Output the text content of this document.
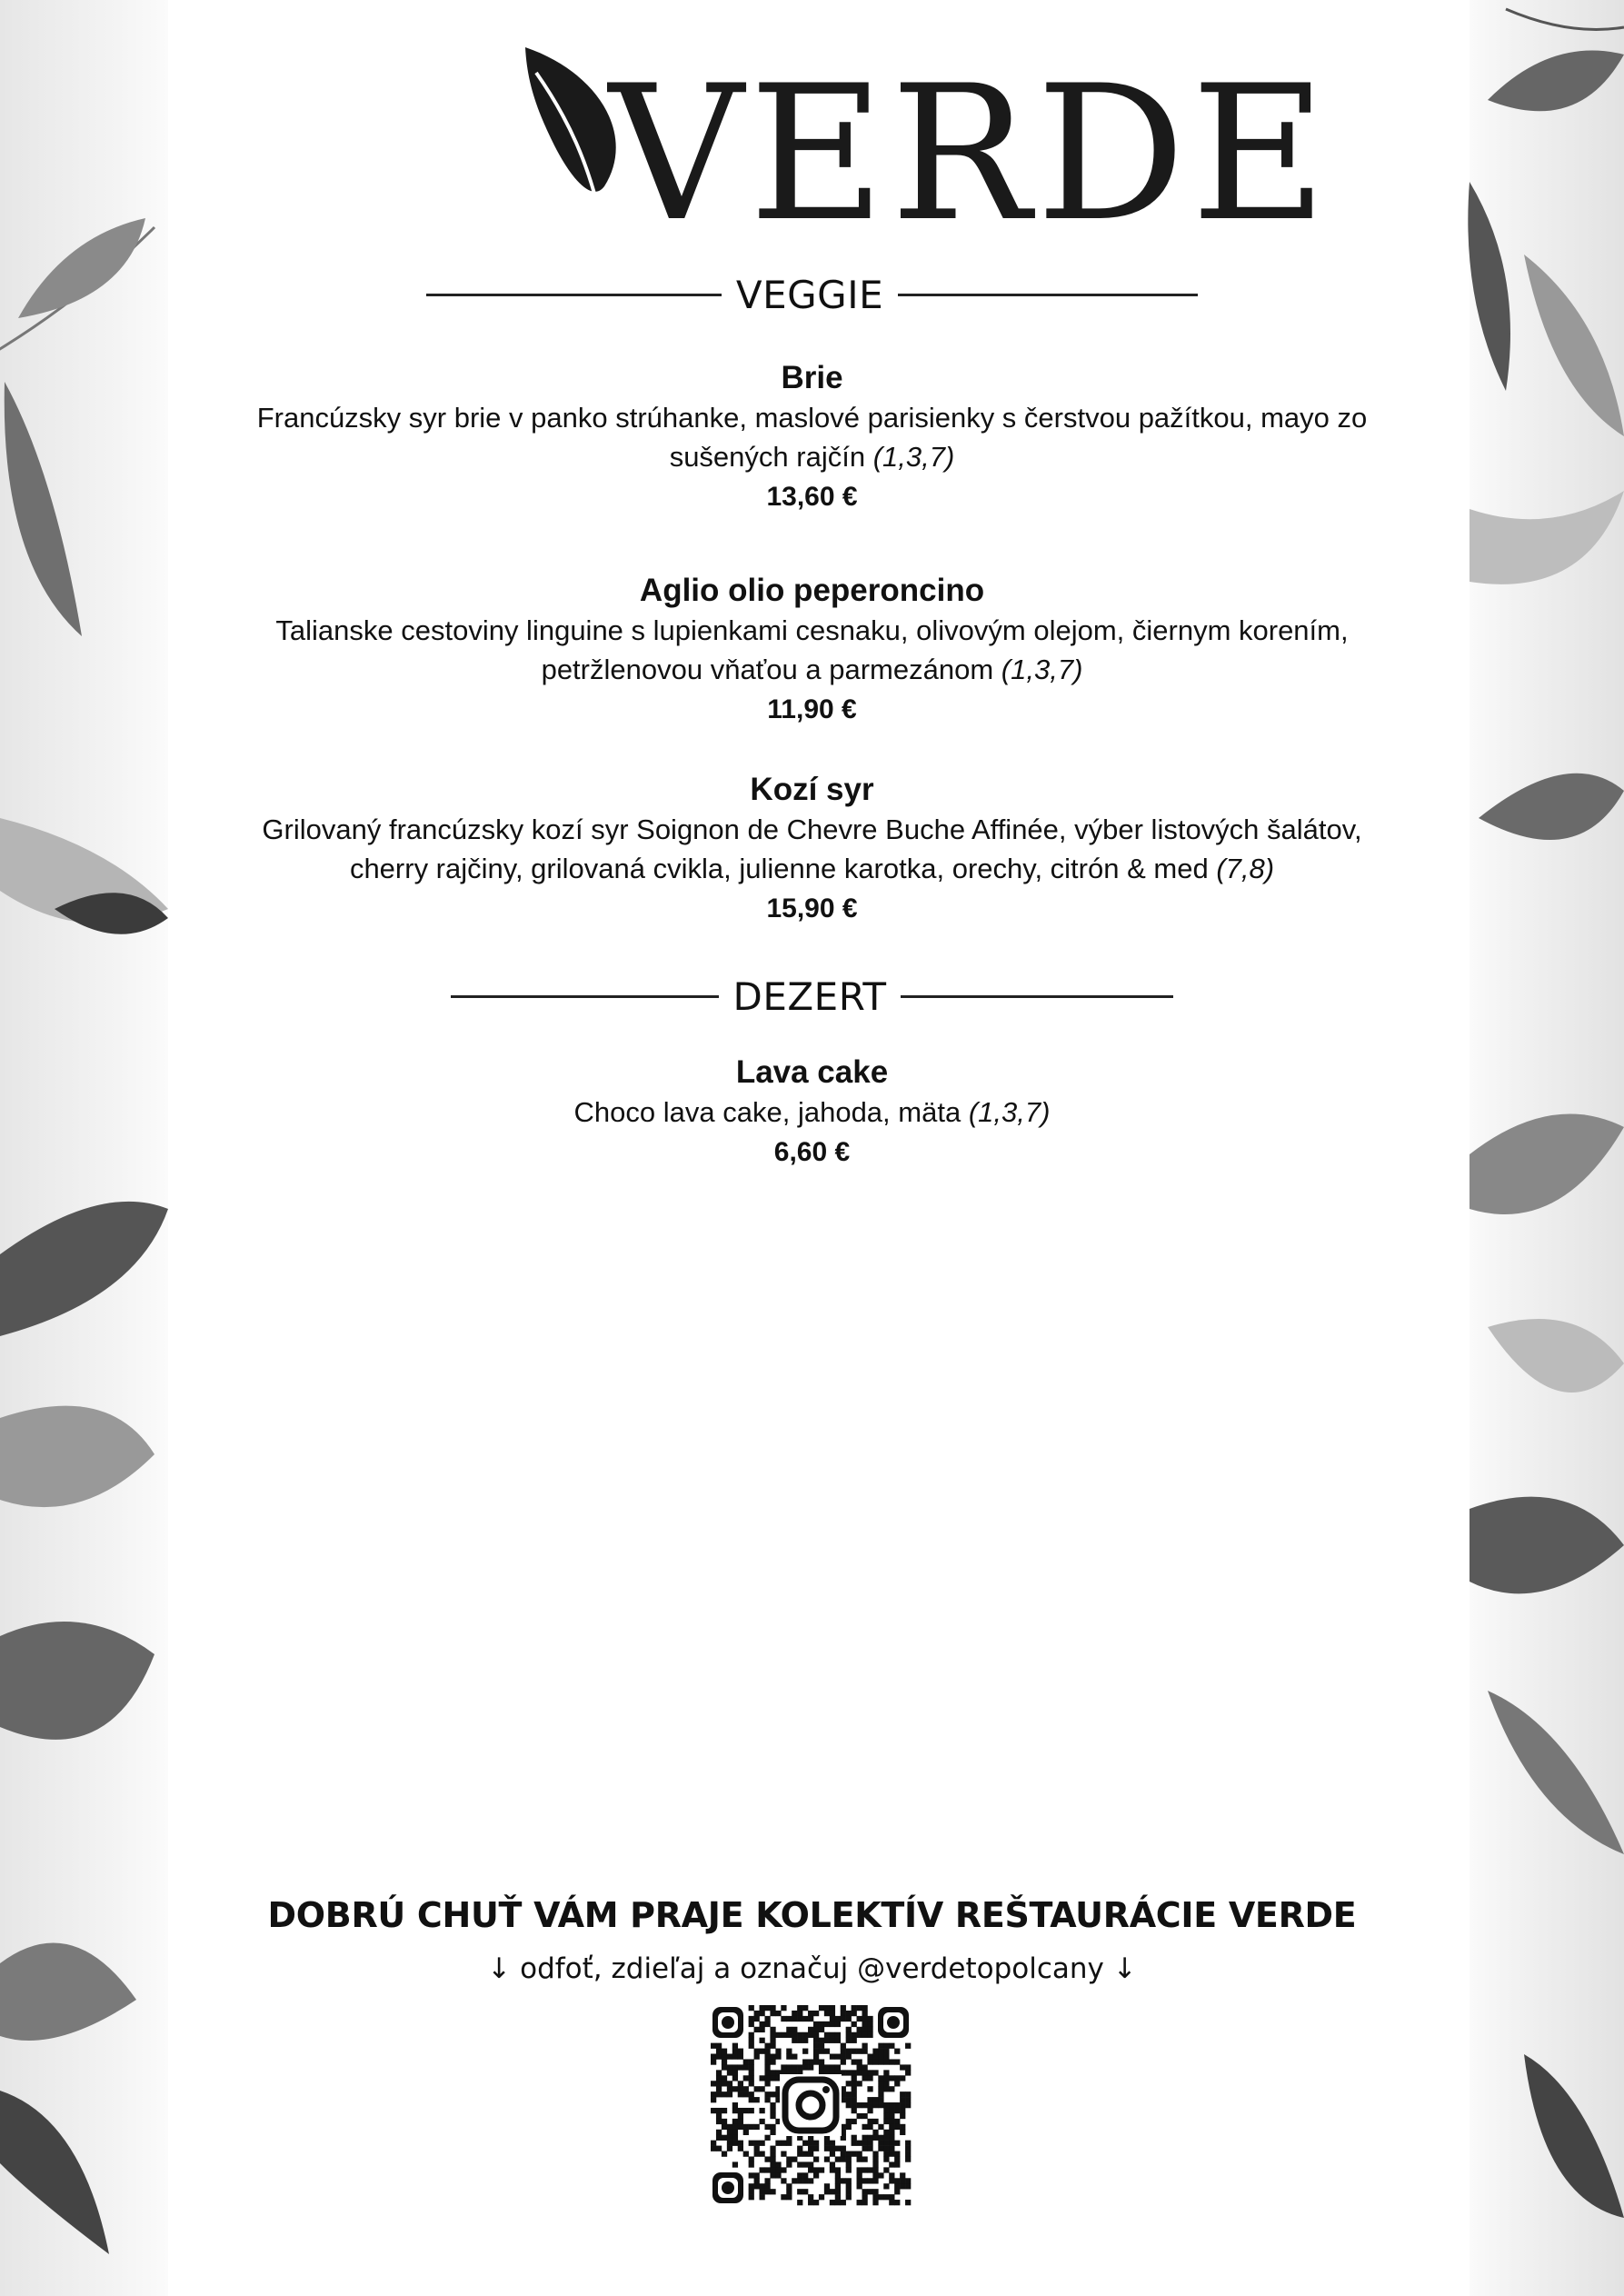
VERDE
VEGGIE
Brie
Francúzsky syr brie v panko strúhanke, maslové parisienky s čerstvou pažítkou, mayo zo sušených rajčín (1,3,7)
13,60 €
Aglio olio peperoncino
Talianske cestoviny linguine s lupienkami cesnaku, olivovým olejom, čiernym korením, petržlenovou vňaťou a parmezánom (1,3,7)
11,90 €
Kozí syr
Grilovaný francúzsky kozí syr Soignon de Chevre Buche Affinée, výber listových šalátov, cherry rajčiny, grilovaná cvikla, julienne karotka, orechy, citrón & med (7,8)
15,90 €
DEZERT
Lava cake
Choco lava cake, jahoda, mäta (1,3,7)
6,60 €
DOBRÚ CHUŤ VÁM PRAJE KOLEKTÍV REŠTAURÁCIE VERDE
↓ odfoť, zdieľaj a označuj @verdetopolcany ↓
